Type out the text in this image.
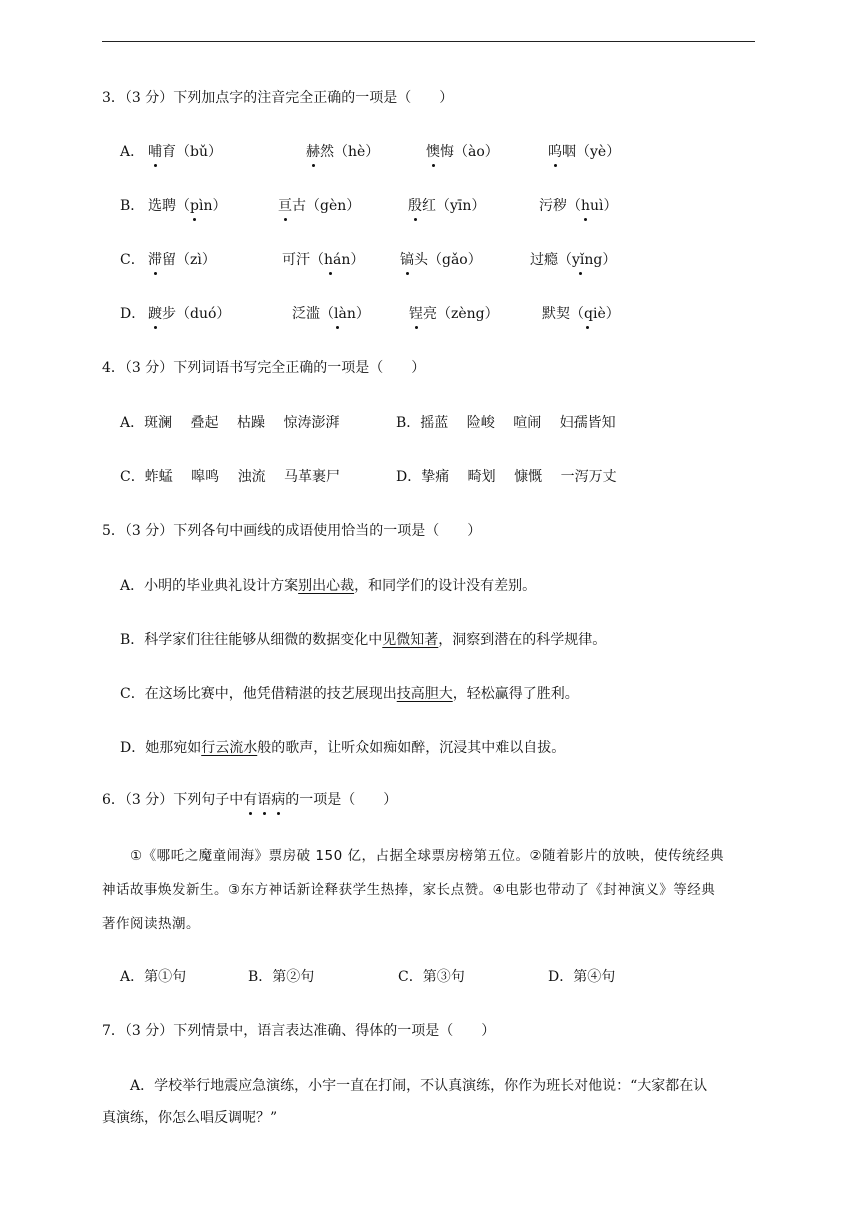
3．（3 分）下列加点字的注音完全正确的一项是（　　）
A． 哺育（bǔ）	赫然（hè）	懊悔（ào）	呜咽（yè）
B． 选聘（pìn）	亘古（gèn）	殷红（yīn）	污秽（huì）
C． 滞留（zì）	可汗（hán）	镐头（gǎo）	过瘾（yǐng）
D． 踱步（duó）	泛滥（làn）	锃亮（zèng）	默契（qiè）
4．（3 分）下列词语书写完全正确的一项是（　　）
A．斑澜　 叠起　 枯躁　 惊涛澎湃	B．摇蓝　 险峻　 喧闹　 妇孺皆知
C．蚱蜢　 嗥鸣　 浊流　 马革裹尸	D．挚痛　 畸划　 慷慨　 一泻万丈
5．（3 分）下列各句中画线的成语使用恰当的一项是（　　）
A．小明的毕业典礼设计方案别出心裁，和同学们的设计没有差别。
B．科学家们往往能够从细微的数据变化中见微知著，洞察到潜在的科学规律。
C．在这场比赛中，他凭借精湛的技艺展现出技高胆大，轻松赢得了胜利。
D．她那宛如行云流水般的歌声，让听众如痴如醉，沉浸其中难以自拔。
6．（3 分）下列句子中有语病的一项是（　　）
①《哪吒之魔童闹海》票房破 150 亿，占据全球票房榜第五位。②随着影片的放映，使传统经典
神话故事焕发新生。③东方神话新诠释获学生热捧，家长点赞。④电影也带动了《封神演义》等经典
著作阅读热潮。
A．第①句	B．第②句	C．第③句	D．第④句
7．（3 分）下列情景中，语言表达准确、得体的一项是（　　）
A．学校举行地震应急演练，小宇一直在打闹，不认真演练，你作为班长对他说：“大家都在认
真演练，你怎么唱反调呢？”
